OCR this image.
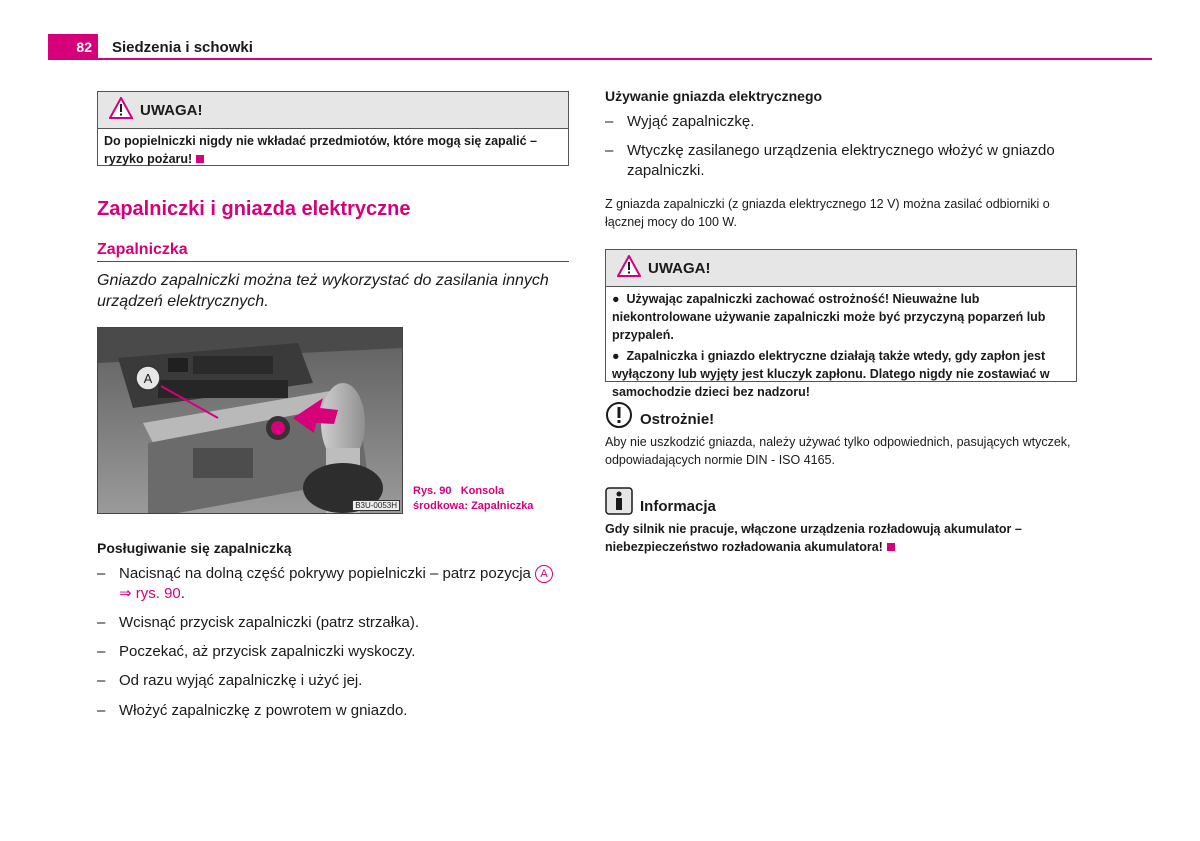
82 Siedzenia i schowki
UWAGA!
Do popielniczki nigdy nie wkładać przedmiotów, które mogą się zapalić – ryzyko pożaru!
Zapalniczki i gniazda elektryczne
Zapalniczka
Gniazdo zapalniczki można też wykorzystać do zasilania innych urządzeń elektrycznych.
A
B3U-0053H
Rys. 90 Konsola środkowa: Zapalniczka
Posługiwanie się zapalniczką
– Nacisnąć na dolną część pokrywy popielniczki – patrz pozycja A
⇒ rys. 90.
– Wcisnąć przycisk zapalniczki (patrz strzałka).
– Poczekać, aż przycisk zapalniczki wyskoczy.
– Od razu wyjąć zapalniczkę i użyć jej.
– Włożyć zapalniczkę z powrotem w gniazdo.
Używanie gniazda elektrycznego
– Wyjąć zapalniczkę.
– Wtyczkę zasilanego urządzenia elektrycznego włożyć w gniazdo zapalniczki.
Z gniazda zapalniczki (z gniazda elektrycznego 12 V) można zasilać odbiorniki o łącznej mocy do 100 W.
UWAGA!

●  Używając zapalniczki zachować ostrożność! Nieuważne lub niekontrolowane używanie zapalniczki może być przyczyną poparzeń lub przypaleń.

●  Zapalniczka i gniazdo elektryczne działają także wtedy, gdy zapłon jest wyłączony lub wyjęty jest kluczyk zapłonu. Dlatego nigdy nie zostawiać w samochodzie dzieci bez nadzoru!

Ostrożnie!
Aby nie uszkodzić gniazda, należy używać tylko odpowiednich, pasujących wtyczek, odpowiadających normie DIN - ISO 4165.
Informacja
Gdy silnik nie pracuje, włączone urządzenia rozładowują akumulator – niebezpieczeństwo rozładowania akumulatora!
